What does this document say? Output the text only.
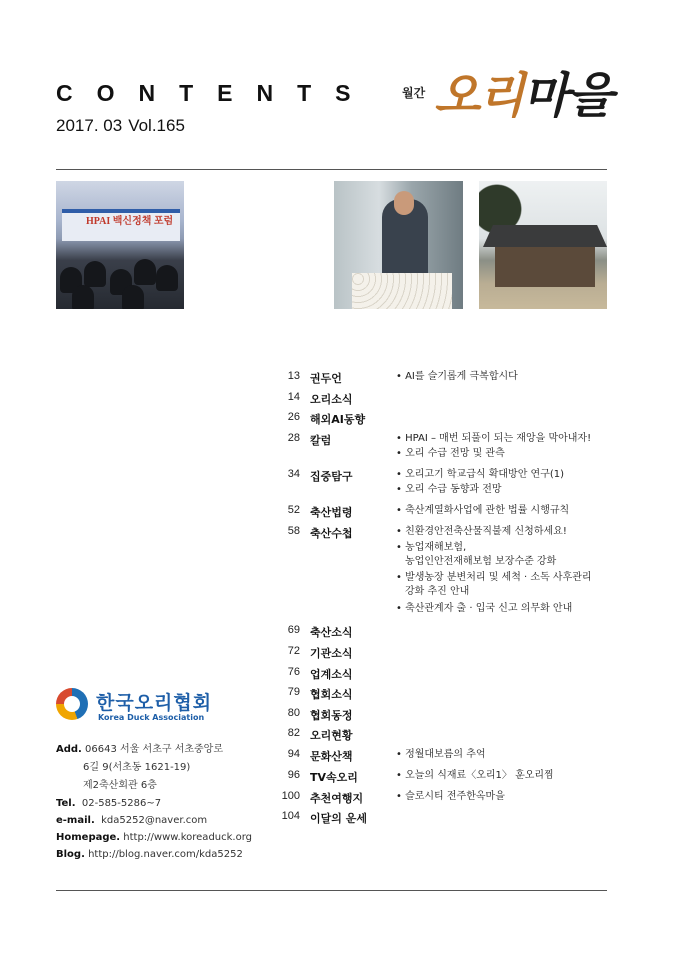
CONTENTS
2017. 03 Vol.165
월간 오리마을
HPAI 백신정책 포럼
13 권두언	• AI를 슬기롭게 극복합시다
14 오리소식
26 해외AI동향
28 칼럼	• HPAI – 매번 되풀이 되는 재앙을 막아내자!
• 오리 수급 전망 및 관측
34 집중탐구	• 오리고기 학교급식 확대방안 연구(1)
• 오리 수급 동향과 전망
52 축산법령	• 축산계열화사업에 관한 법률 시행규칙
58 축산수첩	• 친환경안전축산물직불제 신청하세요!
• 농업재해보험,
농업인안전재해보험 보장수준 강화
• 발생농장 분변처리 및 세척 · 소독 사후관리
강화 추진 안내
• 축산관계자 출 · 입국 신고 의무화 안내
69 축산소식
72 기관소식
76 업계소식
79 협회소식
80 협회동정
82 오리현황
94 문화산책	• 정월대보름의 추억
96 TV속오리	• 오늘의 식재료〈오리1〉 훈오리찜
100 추천여행지	• 슬로시티 전주한옥마을
104 이달의 운세
한국오리협회
Korea Duck Association
Add. 06643 서울 서초구 서초중앙로
6길 9(서초동 1621-19)
제2축산회관 6층
Tel. 02-585-5286~7
e-mail. kda5252@naver.com
Homepage. http://www.koreaduck.org
Blog. http://blog.naver.com/kda5252
